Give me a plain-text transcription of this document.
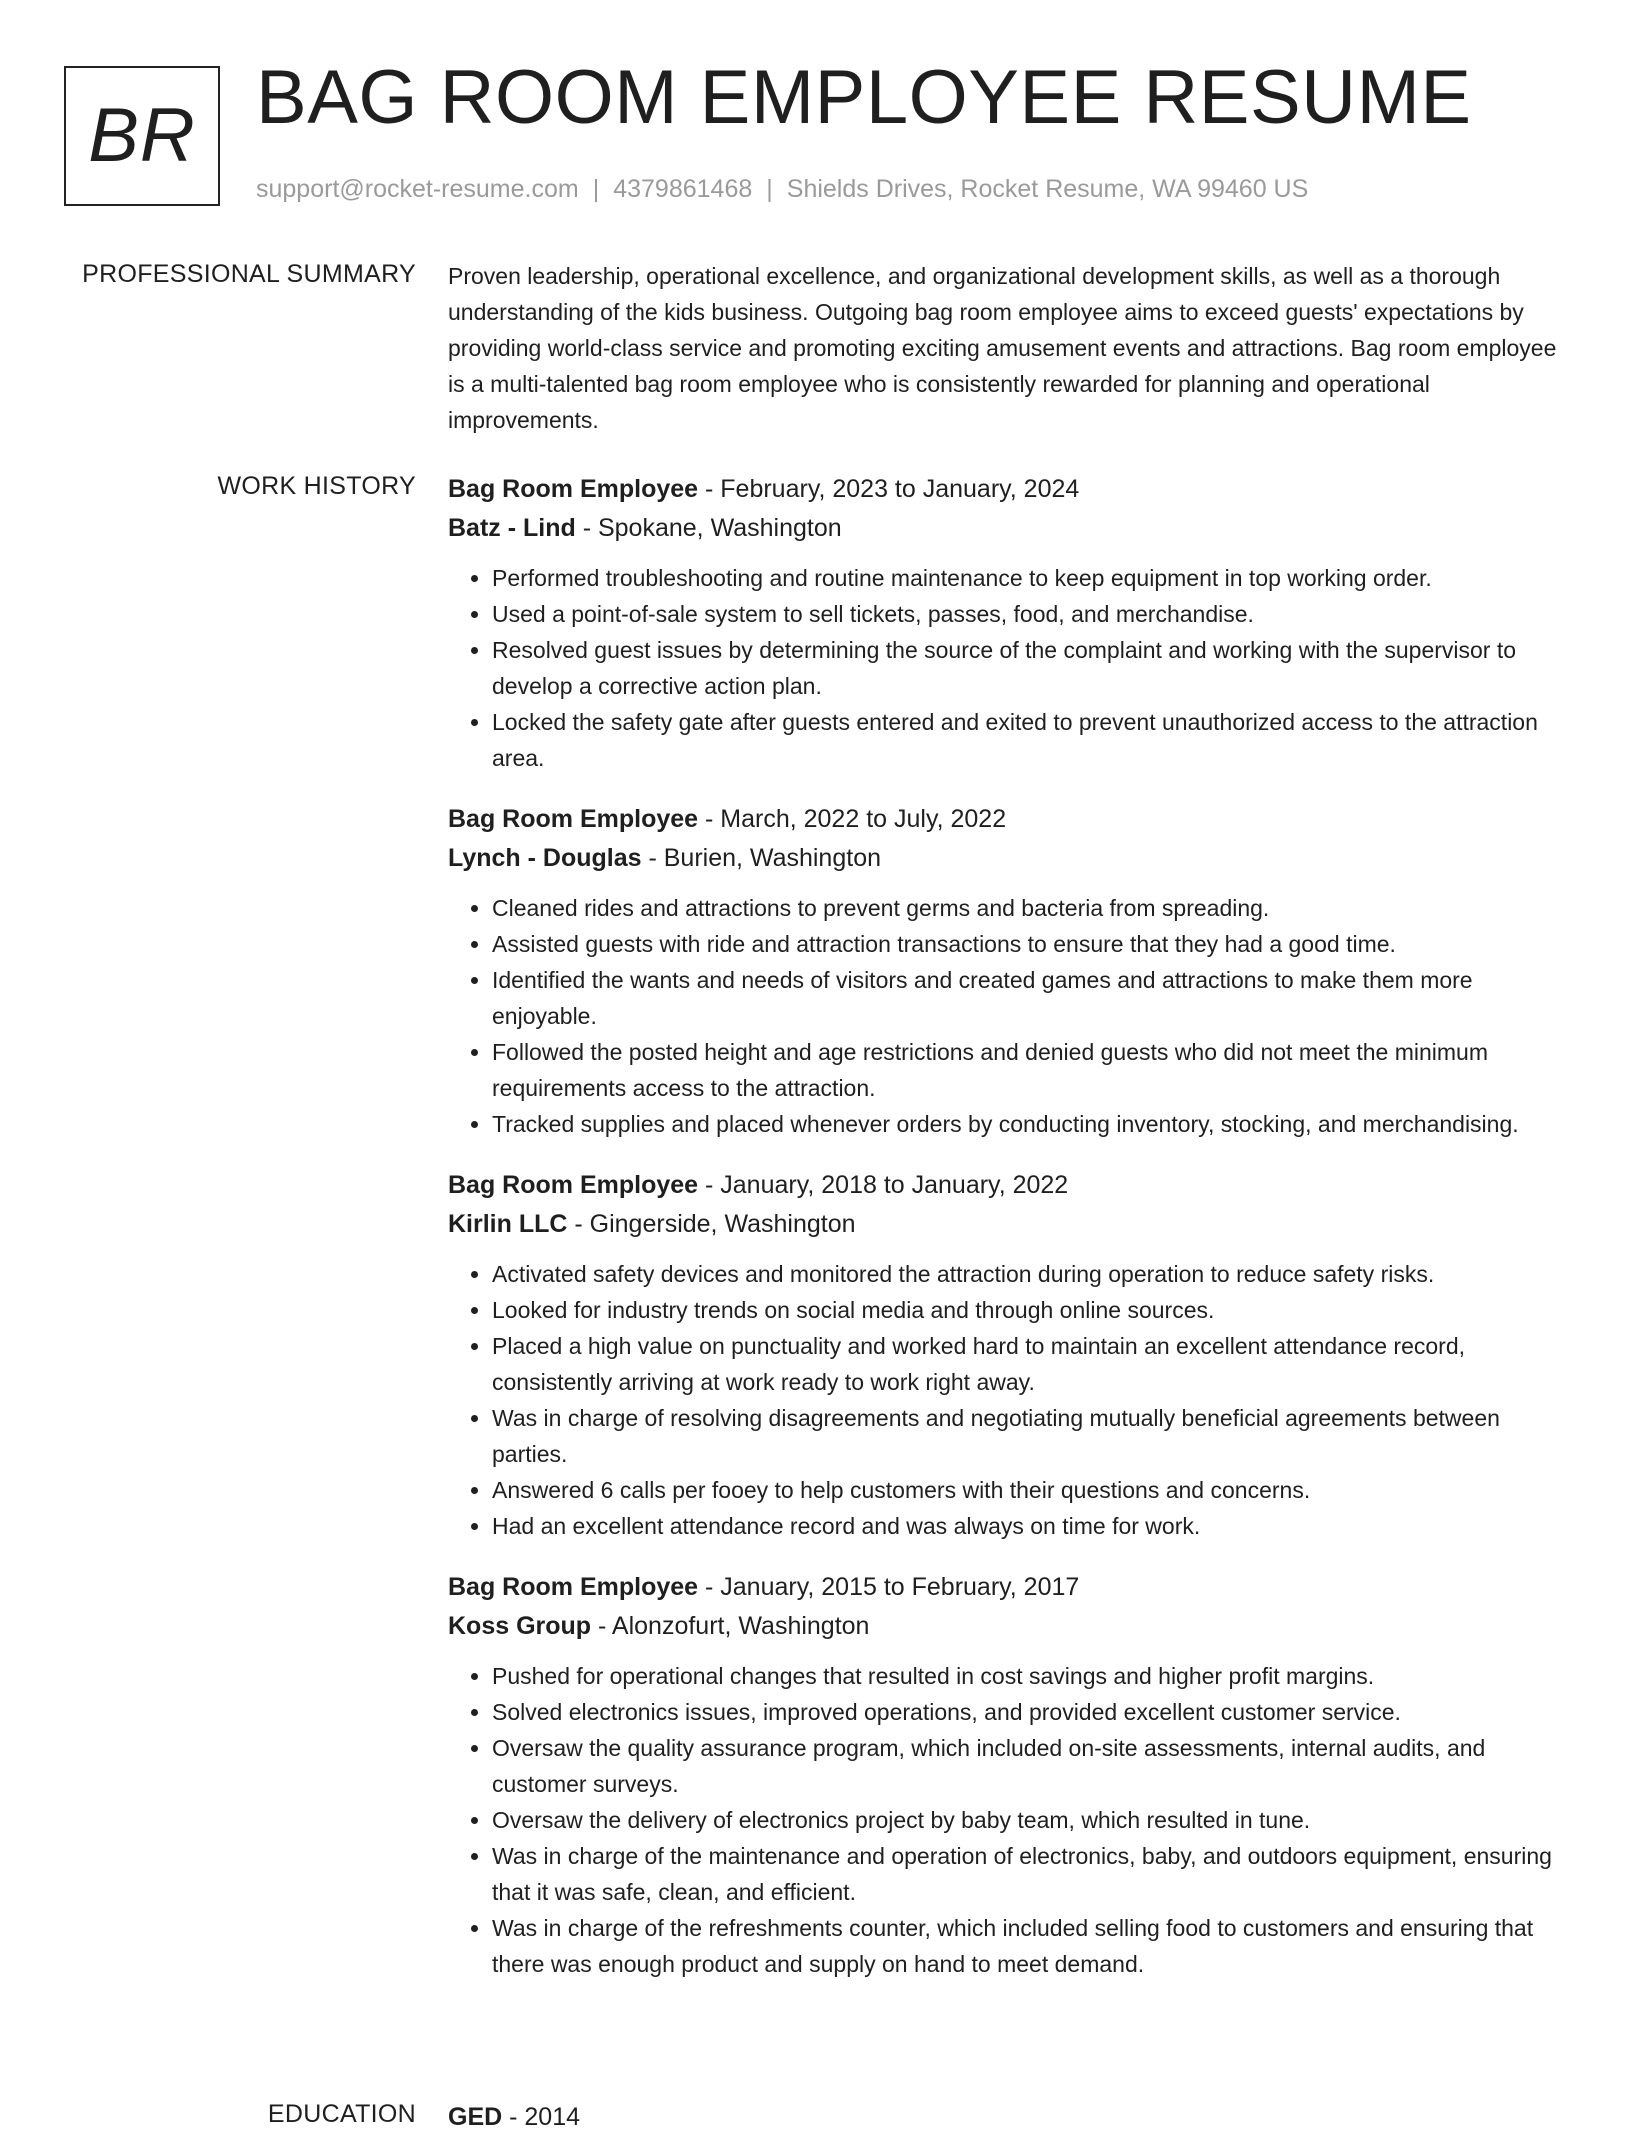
BR BAG ROOM EMPLOYEE RESUME
support@rocket-resume.com | 4379861468 | Shields Drives, Rocket Resume, WA 99460 US
PROFESSIONAL SUMMARY Proven leadership, operational excellence, and organizational development skills, as well as a thorough understanding of the kids business. Outgoing bag room employee aims to exceed guests' expectations by providing world-class service and promoting exciting amusement events and attractions. Bag room employee is a multi-talented bag room employee who is consistently rewarded for planning and operational improvements.

WORK HISTORY Bag Room Employee - February, 2023 to January, 2024
Batz - Lind - Spokane, Washington
• Performed troubleshooting and routine maintenance to keep equipment in top working order.
• Used a point-of-sale system to sell tickets, passes, food, and merchandise.
• Resolved guest issues by determining the source of the complaint and working with the supervisor to develop a corrective action plan.
• Locked the safety gate after guests entered and exited to prevent unauthorized access to the attraction area.
Bag Room Employee - March, 2022 to July, 2022
Lynch - Douglas - Burien, Washington
• Cleaned rides and attractions to prevent germs and bacteria from spreading.
• Assisted guests with ride and attraction transactions to ensure that they had a good time.
• Identified the wants and needs of visitors and created games and attractions to make them more enjoyable.
• Followed the posted height and age restrictions and denied guests who did not meet the minimum requirements access to the attraction.
• Tracked supplies and placed whenever orders by conducting inventory, stocking, and merchandising.
Bag Room Employee - January, 2018 to January, 2022
Kirlin LLC - Gingerside, Washington
• Activated safety devices and monitored the attraction during operation to reduce safety risks.
• Looked for industry trends on social media and through online sources.
• Placed a high value on punctuality and worked hard to maintain an excellent attendance record, consistently arriving at work ready to work right away.
• Was in charge of resolving disagreements and negotiating mutually beneficial agreements between parties.
• Answered 6 calls per fooey to help customers with their questions and concerns.
• Had an excellent attendance record and was always on time for work.
Bag Room Employee - January, 2015 to February, 2017
Koss Group - Alonzofurt, Washington
• Pushed for operational changes that resulted in cost savings and higher profit margins.
• Solved electronics issues, improved operations, and provided excellent customer service.
• Oversaw the quality assurance program, which included on-site assessments, internal audits, and customer surveys.
• Oversaw the delivery of electronics project by baby team, which resulted in tune.
• Was in charge of the maintenance and operation of electronics, baby, and outdoors equipment, ensuring that it was safe, clean, and efficient.
• Was in charge of the refreshments counter, which included selling food to customers and ensuring that there was enough product and supply on hand to meet demand.
EDUCATION GED - 2014
